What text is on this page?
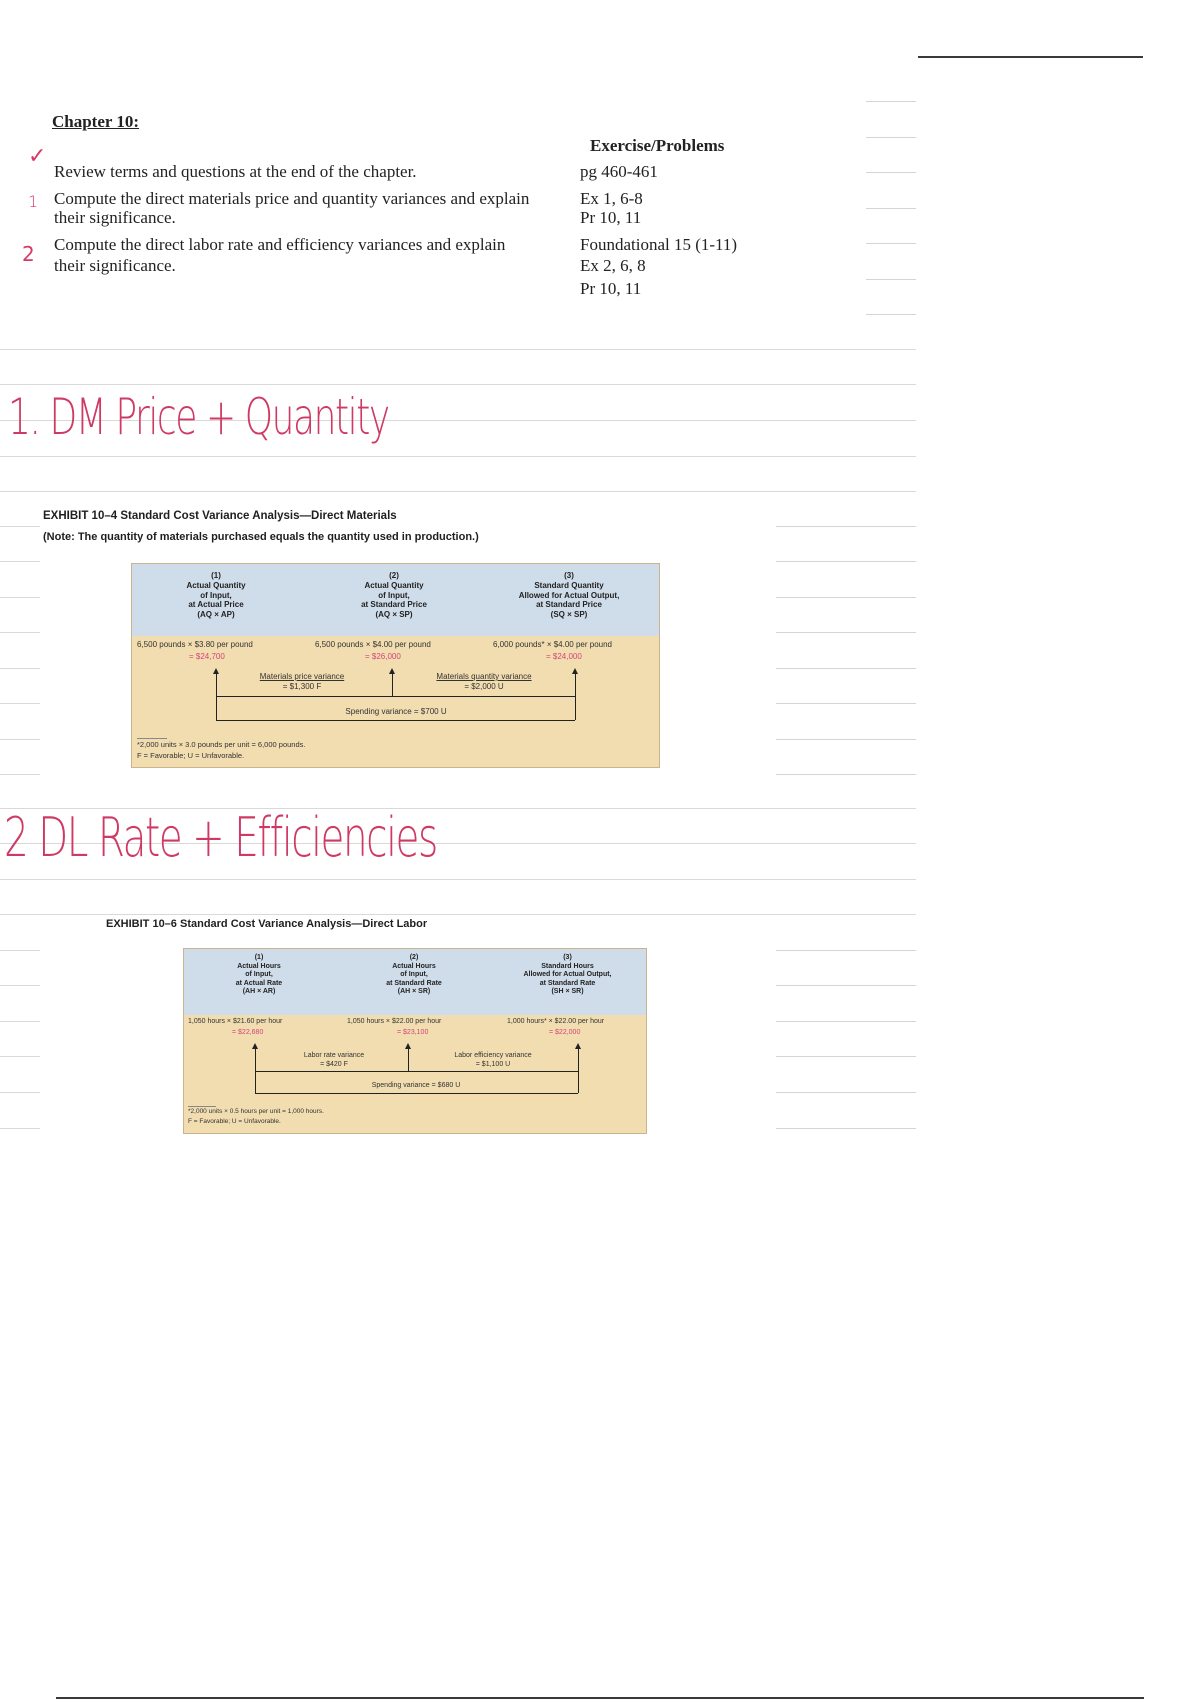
Chapter 10:
Exercise/Problems
✓
Review terms and questions at the end of the chapter.	pg 460-461
1 Compute the direct materials price and quantity variances and explain
their significance.
Ex 1, 6-8
Pr 10, 11
2 Compute the direct labor rate and efficiency variances and explain
their significance.
Foundational 15 (1-11)
Ex 2, 6, 8
Pr 10, 11
1. DM Price + Quantity
EXHIBIT 10–4 Standard Cost Variance Analysis—Direct Materials
(Note: The quantity of materials purchased equals the quantity used in production.)
(1)
Actual Quantity
of Input,
at Actual Price
(AQ × AP)
(2)
Actual Quantity
of Input,
at Standard Price
(AQ × SP)
(3)
Standard Quantity
Allowed for Actual Output,
at Standard Price
(SQ × SP)
6,500 pounds × $3.80 per pound
= $24,700
6,500 pounds × $4.00 per pound
= $26,000
6,000 pounds* × $4.00 per pound
= $24,000
Materials price variance
= $1,300 F
Materials quantity variance
= $2,000 U
Spending variance = $700 U
*2,000 units × 3.0 pounds per unit = 6,000 pounds.
F = Favorable; U = Unfavorable.
2 DL Rate + Efficiencies
EXHIBIT 10–6 Standard Cost Variance Analysis—Direct Labor
(1)
Actual Hours
of Input,
at Actual Rate
(AH × AR)
(2)
Actual Hours
of Input,
at Standard Rate
(AH × SR)
(3)
Standard Hours
Allowed for Actual Output,
at Standard Rate
(SH × SR)
1,050 hours × $21.60 per hour
= $22,680
1,050 hours × $22.00 per hour
= $23,100
1,000 hours* × $22.00 per hour
= $22,000
Labor rate variance
= $420 F
Labor efficiency variance
= $1,100 U
Spending variance = $680 U
*2,000 units × 0.5 hours per unit = 1,000 hours.
F = Favorable; U = Unfavorable.
